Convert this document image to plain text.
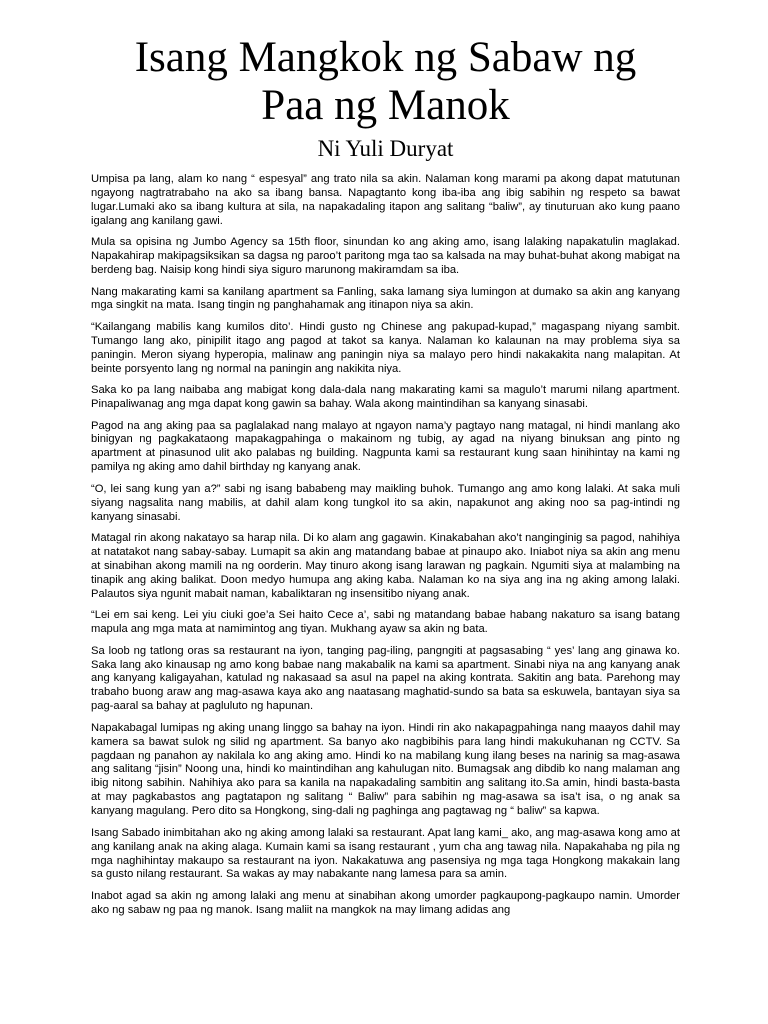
Isang Mangkok ng Sabaw ng
Paa ng Manok
Ni Yuli Duryat

Umpisa pa lang, alam ko nang “ espesyal” ang trato nila sa akin. Nalaman kong marami pa akong dapat matutunan ngayong nagtratrabaho na ako sa ibang bansa. Napagtanto kong iba-iba ang ibig sabihin ng respeto sa bawat lugar.Lumaki ako sa ibang kultura at sila, na napakadaling itapon ang salitang “baliw”, ay tinuturuan ako kung paano igalang ang kanilang gawi.

Mula sa opisina ng Jumbo Agency sa 15th floor, sinundan ko ang aking amo, isang lalaking napakatulin maglakad. Napakahirap makipagsiksikan sa dagsa ng paroo’t paritong mga tao sa kalsada na may buhat-buhat akong mabigat na berdeng bag. Naisip kong hindi siya siguro marunong makiramdam sa iba.

Nang makarating kami sa kanilang apartment sa Fanling, saka lamang siya lumingon at dumako sa akin ang kanyang mga singkit na mata. Isang tingin ng panghahamak ang itinapon niya sa akin.

“Kailangang mabilis kang kumilos dito’. Hindi gusto ng Chinese ang pakupad-kupad,” magaspang niyang sambit. Tumango lang ako, pinipilit itago ang pagod at takot sa kanya. Nalaman ko kalaunan na may problema siya sa paningin. Meron siyang hyperopia, malinaw ang paningin niya sa malayo pero hindi nakakakita nang malapitan. At beinte porsyento lang ng normal na paningin ang nakikita niya.

Saka ko pa lang naibaba ang mabigat kong dala-dala nang makarating kami sa magulo’t marumi nilang apartment. Pinapaliwanag ang mga dapat kong gawin sa bahay. Wala akong maintindihan sa kanyang sinasabi.

Pagod na ang aking paa sa paglalakad nang malayo at ngayon nama’y pagtayo nang matagal, ni hindi manlang ako binigyan ng pagkakataong mapakagpahinga o makainom ng tubig, ay agad na niyang binuksan ang pinto ng apartment at pinasunod ulit ako palabas ng building. Nagpunta kami sa restaurant kung saan hinihintay na kami ng pamilya ng aking amo dahil birthday ng kanyang anak.

“O, lei sang kung yan a?” sabi ng isang bababeng may maikling buhok. Tumango ang amo kong lalaki. At saka muli siyang nagsalita nang mabilis, at dahil alam kong tungkol ito sa akin, napakunot ang aking noo sa pag-intindi ng kanyang sinasabi.

Matagal rin akong nakatayo sa harap nila. Di ko alam ang gagawin. Kinakabahan ako’t nanginginig sa pagod, nahihiya at natatakot nang sabay-sabay. Lumapit sa akin ang matandang babae at pinaupo ako. Iniabot niya sa akin ang menu at sinabihan akong mamili na ng oorderin. May tinuro akong isang larawan ng pagkain. Ngumiti siya at malambing na tinapik ang aking balikat. Doon medyo humupa ang aking kaba. Nalaman ko na siya ang ina ng aking among lalaki. Palautos siya ngunit mabait naman, kabaliktaran ng insensitibo niyang anak.

“Lei em sai keng. Lei yiu ciuki goe’a Sei haito Cece a’, sabi ng matandang babae habang nakaturo sa isang batang mapula ang mga mata at namimintog ang tiyan. Mukhang ayaw sa akin ng bata.

Sa loob ng tatlong oras sa restaurant na iyon, tanging pag-iling, pangngiti at pagsasabing “ yes’ lang ang ginawa ko. Saka lang ako kinausap ng amo kong babae nang makabalik na kami sa apartment. Sinabi niya na ang kanyang anak ang kanyang kaligayahan, katulad ng nakasaad sa asul na papel na aking kontrata. Sakitin ang bata. Parehong may trabaho buong araw ang mag-asawa kaya ako ang naatasang maghatid-sundo sa bata sa eskuwela, bantayan siya sa pag-aaral sa bahay at pagluluto ng hapunan.

Napakabagal lumipas ng aking unang linggo sa bahay na iyon. Hindi rin ako nakapagpahinga nang maayos dahil may kamera sa bawat sulok ng silid ng apartment. Sa banyo ako nagbibihis para lang hindi makukuhanan ng CCTV. Sa pagdaan ng panahon ay nakilala ko ang aking amo. Hindi ko na mabilang kung ilang beses na narinig sa mag-asawa ang salitang “jisin” Noong una, hindi ko maintindihan ang kahulugan nito. Bumagsak ang dibdib ko nang malaman ang ibig nitong sabihin. Nahihiya ako para sa kanila na napakadaling sambitin ang salitang ito.Sa amin, hindi basta-basta at may pagkabastos ang pagtatapon ng salitang “ Baliw” para sabihin ng mag-asawa sa isa’t isa, o ng anak sa kanyang magulang. Pero dito sa Hongkong, sing-dali ng paghinga ang pagtawag ng “ baliw” sa kapwa.

Isang Sabado inimbitahan ako ng aking among lalaki sa restaurant. Apat lang kami_ ako, ang mag-asawa kong amo at ang kanilang anak na aking alaga. Kumain kami sa isang restaurant , yum cha ang tawag nila. Napakahaba ng pila ng mga naghihintay makaupo sa restaurant na iyon. Nakakatuwa ang pasensiya ng mga taga Hongkong makakain lang sa gusto nilang restaurant. Sa wakas ay may nabakante nang lamesa para sa amin.

Inabot agad sa akin ng among lalaki ang menu at sinabihan akong umorder pagkaupong-pagkaupo namin. Umorder ako ng sabaw ng paa ng manok. Isang maliit na mangkok na may limang adidas ang
